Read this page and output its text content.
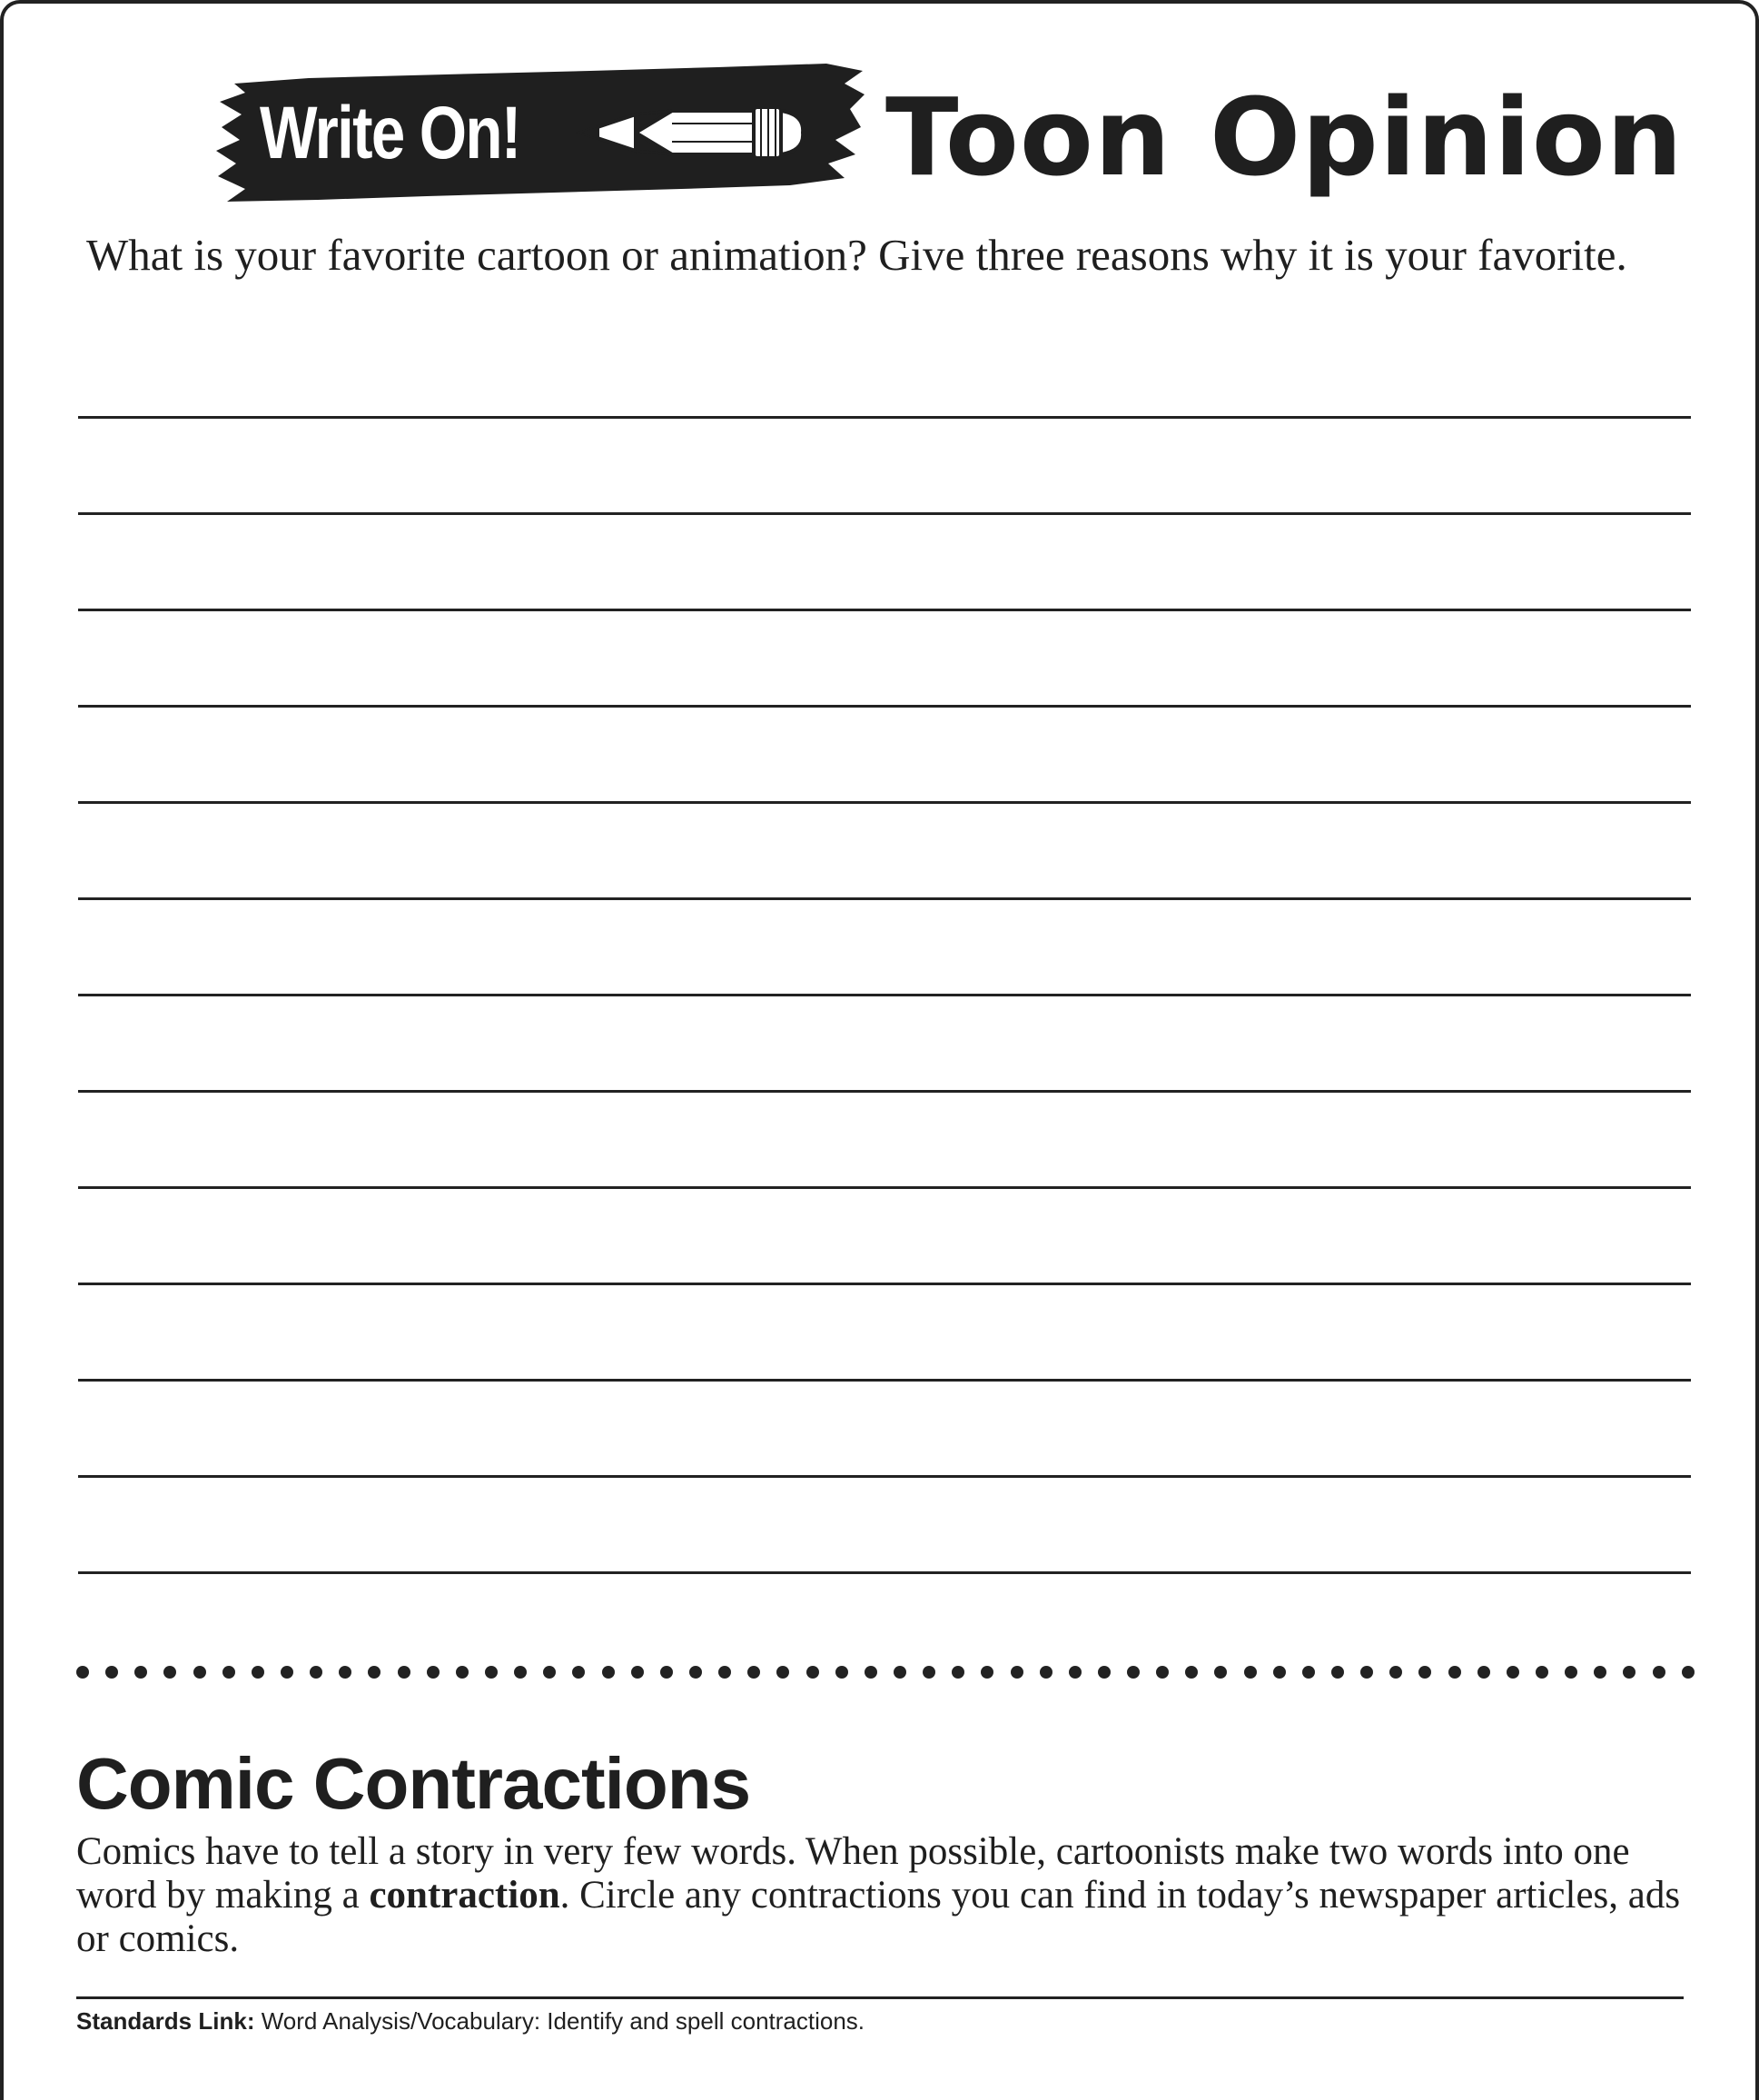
Write On!	Toon Opinion
What is your favorite cartoon or animation? Give three reasons why it is your favorite.
Comic Contractions
Comics have to tell a story in very few words. When possible, cartoonists make two words into one word by making a contraction. Circle any contractions you can find in today’s newspaper articles, ads or comics.
Standards Link: Word Analysis/Vocabulary: Identify and spell contractions.
